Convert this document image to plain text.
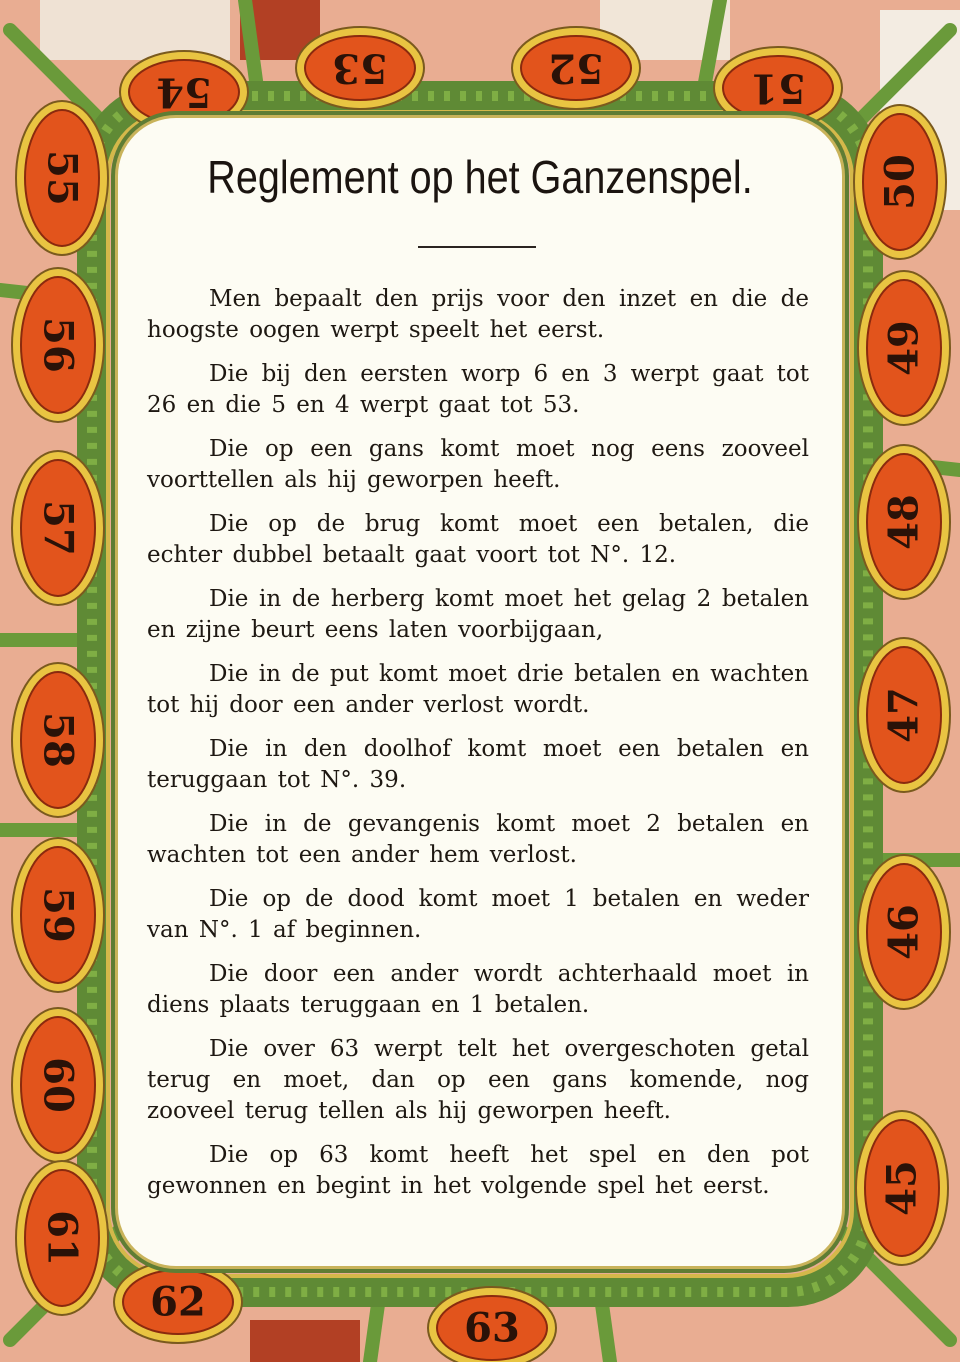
54
53	52	51
55
56
57
58
59
60
61
62
63
50
49
48
47
46
45
Reglement op het Ganzenspel.

Men bepaalt den prijs voor den inzet en die de hoogste oogen werpt speelt het eerst.

Die bij den eersten worp 6 en 3 werpt gaat tot 26 en die 5 en 4 werpt gaat tot 53.

Die op een gans komt moet nog eens zooveel voorttellen als hij geworpen heeft.

Die op de brug komt moet een betalen, die echter dubbel betaalt gaat voort tot N°. 12.

Die in de herberg komt moet het gelag 2 betalen en zijne beurt eens laten voorbijgaan,

Die in de put komt moet drie betalen en wachten tot hij door een ander verlost wordt.

Die in den doolhof komt moet een betalen en teruggaan tot N°. 39.

Die in de gevangenis komt moet 2 betalen en wachten tot een ander hem verlost.

Die op de dood komt moet 1 betalen en weder van N°. 1 af beginnen.

Die door een ander wordt achterhaald moet in diens plaats teruggaan en 1 betalen.

Die over 63 werpt telt het overgeschoten getal terug en moet, dan op een gans komende, nog zooveel terug tellen als hij geworpen heeft.

Die op 63 komt heeft het spel en den pot gewonnen en begint in het volgende spel het eerst.
